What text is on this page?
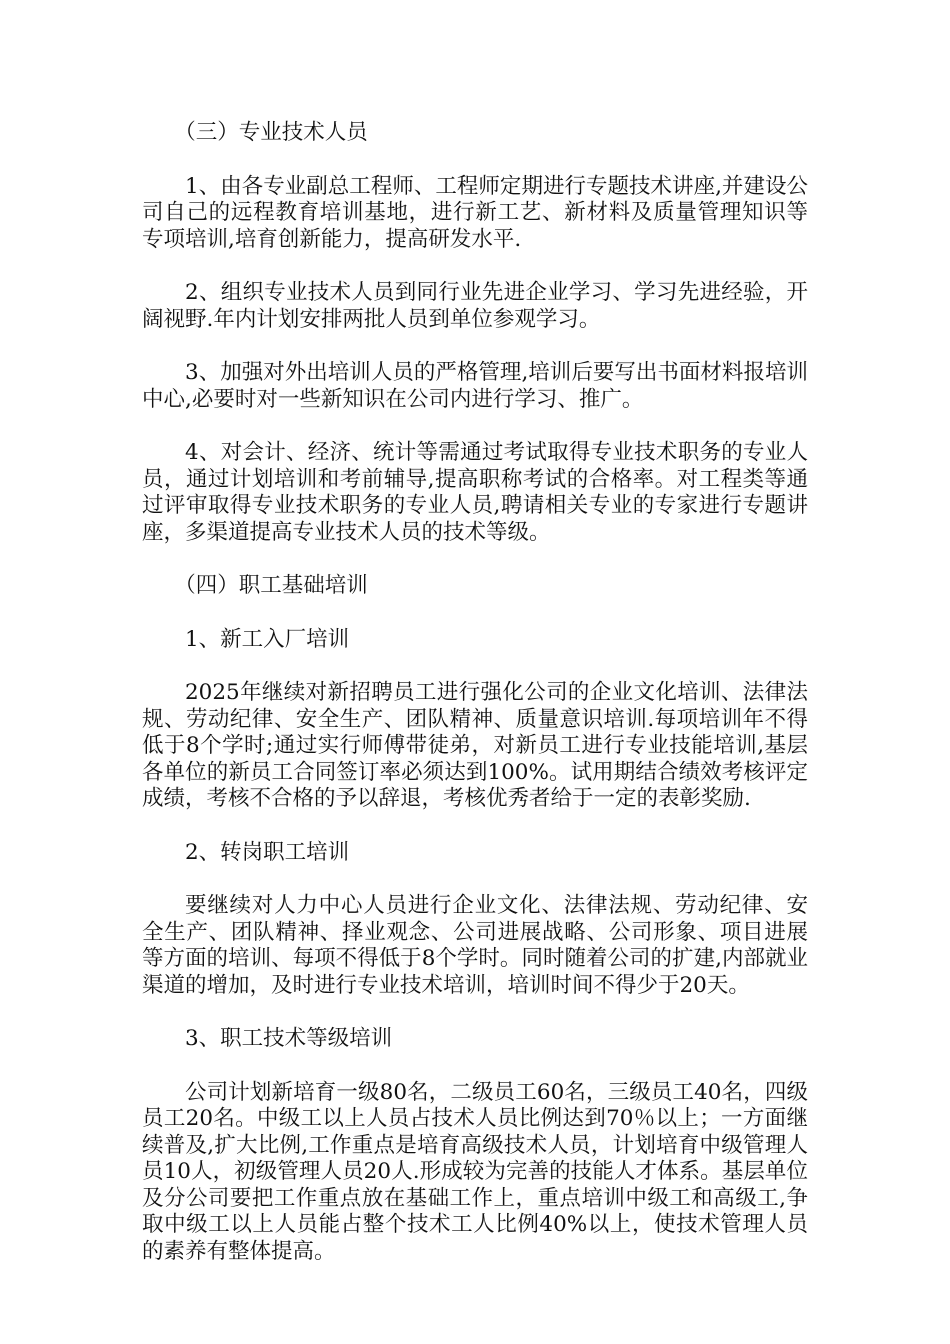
（三）专业技术人员

1、由各专业副总工程师、工程师定期进行专题技术讲座,并建设公司自己的远程教育培训基地，进行新工艺、新材料及质量管理知识等专项培训,培育创新能力，提高研发水平.

2、组织专业技术人员到同行业先进企业学习、学习先进经验，开阔视野.年内计划安排两批人员到单位参观学习。

3、加强对外出培训人员的严格管理,培训后要写出书面材料报培训中心,必要时对一些新知识在公司内进行学习、推广。

4、对会计、经济、统计等需通过考试取得专业技术职务的专业人员，通过计划培训和考前辅导,提高职称考试的合格率。对工程类等通过评审取得专业技术职务的专业人员,聘请相关专业的专家进行专题讲座，多渠道提高专业技术人员的技术等级。

（四）职工基础培训

1、新工入厂培训

2025年继续对新招聘员工进行强化公司的企业文化培训、法律法规、劳动纪律、安全生产、团队精神、质量意识培训.每项培训年不得低于8个学时;通过实行师傅带徒弟，对新员工进行专业技能培训,基层各单位的新员工合同签订率必须达到100%。试用期结合绩效考核评定成绩，考核不合格的予以辞退，考核优秀者给于一定的表彰奖励.

2、转岗职工培训

要继续对人力中心人员进行企业文化、法律法规、劳动纪律、安全生产、团队精神、择业观念、公司进展战略、公司形象、项目进展等方面的培训、每项不得低于8个学时。同时随着公司的扩建,内部就业渠道的增加，及时进行专业技术培训，培训时间不得少于20天。

3、职工技术等级培训

公司计划新培育一级80名，二级员工60名，三级员工40名，四级员工20名。中级工以上人员占技术人员比例达到70％以上；一方面继续普及,扩大比例,工作重点是培育高级技术人员，计划培育中级管理人员10人，初级管理人员20人.形成较为完善的技能人才体系。基层单位及分公司要把工作重点放在基础工作上，重点培训中级工和高级工,争取中级工以上人员能占整个技术工人比例40%以上，使技术管理人员的素养有整体提高。
